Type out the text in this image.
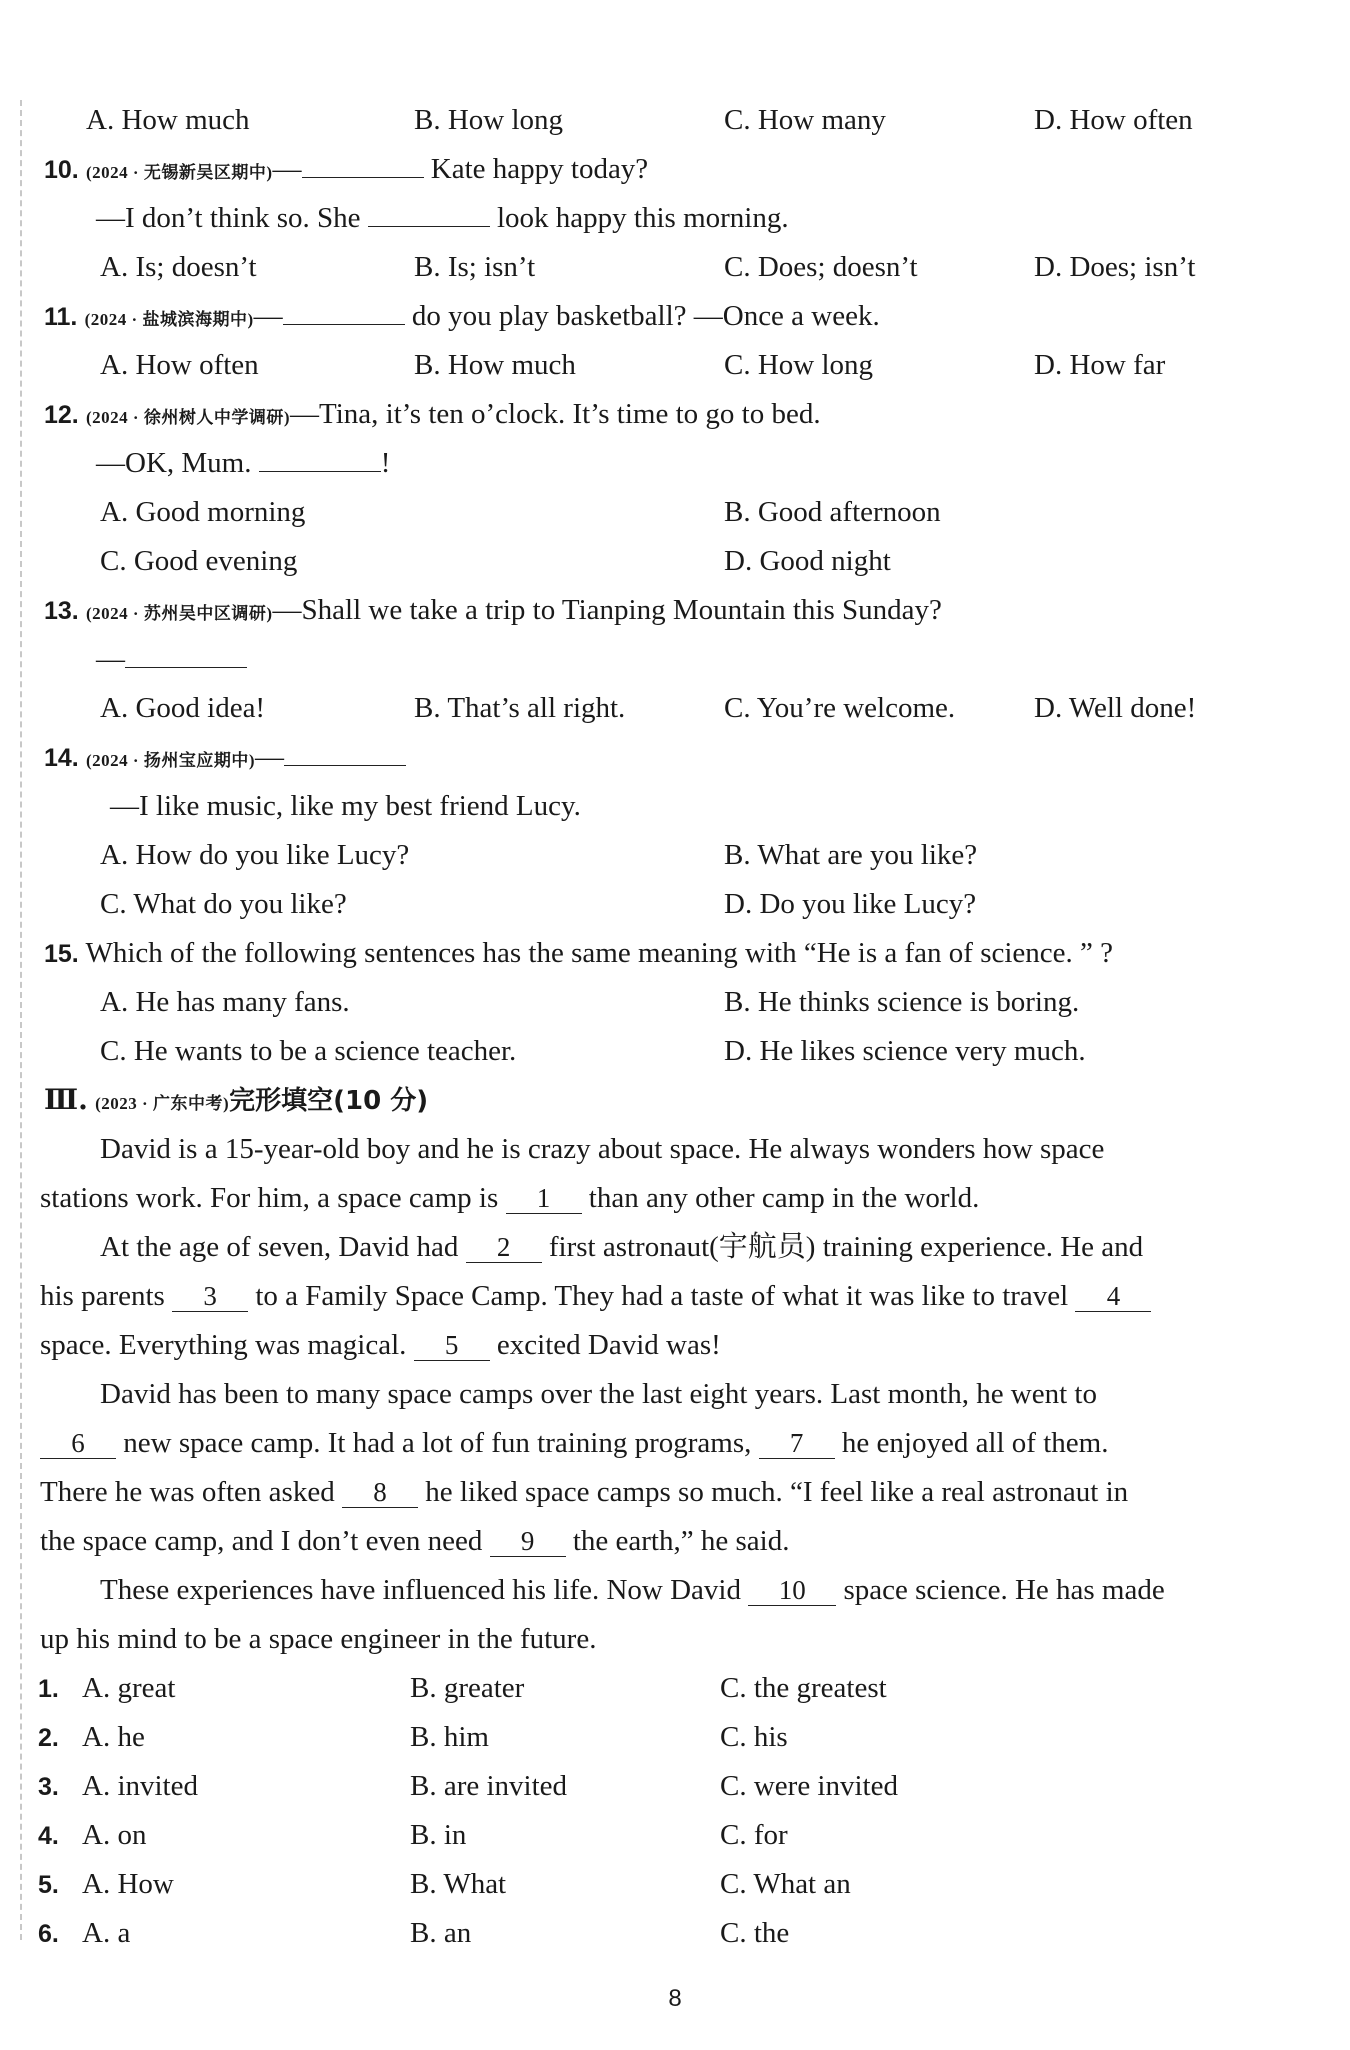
A. How much	B. How long	C. How many	D. How often
10. (2024 · 无锡新吴区期中)—	Kate happy today?
—I don’t think so. She	look happy this morning.
A. Is; doesn’t	B. Is; isn’t	C. Does; doesn’t	D. Does; isn’t
11. (2024 · 盐城滨海期中)—	do you play basketball? —Once a week.
A. How often	B. How much	C. How long	D. How far
12. (2024 · 徐州树人中学调研)—Tina, it’s ten o’clock. It’s time to go to bed.
—OK, Mum.	!
A. Good morning	B. Good afternoon
C. Good evening	D. Good night
13. (2024 · 苏州吴中区调研)—Shall we take a trip to Tianping Mountain this Sunday?
—
A. Good idea!	B. That’s all right.	C. You’re welcome.	D. Well done!
14. (2024 · 扬州宝应期中)—
—I like music, like my best friend Lucy.
A. How do you like Lucy?	B. What are you like?
C. What do you like?	D. Do you like Lucy?
15. Which of the following sentences has the same meaning with “He is a fan of science. ” ?
A. He has many fans.	B. He thinks science is boring.
C. He wants to be a science teacher.	D. He likes science very much.
Ⅲ. (2023 · 广东中考)完形填空(10 分)
David is a 15-year-old boy and he is crazy about space. He always wonders how space
stations work. For him, a space camp is 1 than any other camp in the world.
At the age of seven, David had 2 first astronaut(宇航员) training experience. He and
his parents 3 to a Family Space Camp. They had a taste of what it was like to travel 4
space. Everything was magical. 5 excited David was!
David has been to many space camps over the last eight years. Last month, he went to
6 new space camp. It had a lot of fun training programs, 7 he enjoyed all of them.
There he was often asked 8 he liked space camps so much. “I feel like a real astronaut in
the space camp, and I don’t even need 9 the earth,” he said.
These experiences have influenced his life. Now David 10 space science. He has made
up his mind to be a space engineer in the future.
1. A. great	B. greater	C. the greatest
2. A. he	B. him	C. his
3. A. invited	B. are invited	C. were invited
4. A. on	B. in	C. for
5. A. How	B. What	C. What an
6. A. a	B. an	C. the
8
